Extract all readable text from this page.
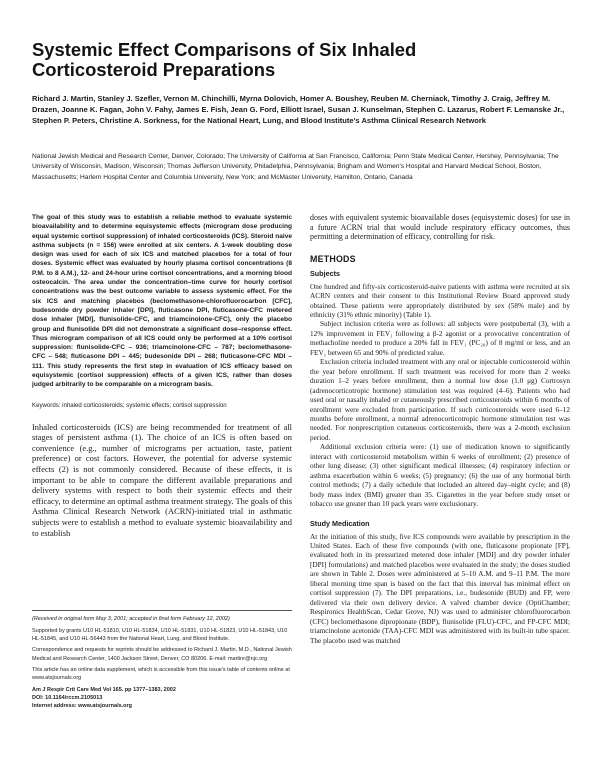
Systemic Effect Comparisons of Six Inhaled
Corticosteroid Preparations
Richard J. Martin, Stanley J. Szefler, Vernon M. Chinchilli, Myrna Dolovich, Homer A. Boushey, Reuben M. Cherniack, Timothy J. Craig, Jeffrey M. Drazen, Joanne K. Fagan, John V. Fahy, James E. Fish, Jean G. Ford, Elliott Israel, Susan J. Kunselman, Stephen C. Lazarus, Robert F. Lemanske Jr., Stephen P. Peters, Christine A. Sorkness, for the National Heart, Lung, and Blood Institute's Asthma Clinical Research Network
National Jewish Medical and Research Center, Denver, Colorado; The University of California at San Francisco, California; Penn State Medical Center, Hershey, Pennsylvania; The University of Wisconsin, Madison, Wisconsin; Thomas Jefferson University, Philadelphia, Pennsylvania; Brigham and Women's Hospital and Harvard Medical School, Boston, Massachusetts; Harlem Hospital Center and Columbia University, New York; and McMaster University, Hamilton, Ontario, Canada
The goal of this study was to establish a reliable method to evaluate systemic bioavailability and to determine equisystemic effects (microgram dose producing equal systemic cortisol suppression) of inhaled corticosteroids (ICS). Steroid naive asthma subjects (n = 156) were enrolled at six centers. A 1-week doubling dose design was used for each of six ICS and matched placebos for a total of four doses. Systemic effect was evaluated by hourly plasma cortisol concentrations (8 P.M. to 8 A.M.), 12- and 24-hour urine cortisol concentrations, and a morning blood osteocalcin. The area under the concentration–time curve for hourly cortisol concentrations was the best outcome variable to assess systemic effect. For the six ICS and matching placebos (beclomethasone-chlorofluorocarbon [CFC], budesonide dry powder inhaler [DPI], fluticasone DPI, fluticasone-CFC metered dose inhaler [MDI], flunisolide-CFC, and triamcinolone-CFC), only the placebo group and flunisolide DPI did not demonstrate a significant dose–response effect. Thus microgram comparison of all ICS could only be performed at a 10% cortisol suppression: flunisolide-CFC – 936; triamcinolone-CFC – 787; beclomethasone-CFC – 548; fluticasone DPI – 445; budesonide DPI – 268; fluticasone-CFC MDI – 111. This study represents the first step in evaluation of ICS efficacy based on equisystemic (cortisol suppression) effects of a given ICS, rather than doses judged arbitrarily to be comparable on a microgram basis.
Keywords: inhaled corticosteroids; systemic effects; cortisol suppression
Inhaled corticosteroids (ICS) are being recommended for treatment of all stages of persistent asthma (1). The choice of an ICS is often based on convenience (e.g., number of micrograms per actuation, taste, patient preference) or cost factors. However, the potential for adverse systemic effects (2) is not commonly considered. Because of these effects, it is important to be able to compare the different available preparations and delivery systems with respect to both their systemic effects and their efficacy, to determine an optimal asthma treatment strategy. The goals of this Asthma Clinical Research Network (ACRN)-initiated trial in asthmatic subjects were to establish a method to evaluate systemic bioavailability and to establish
(Received in original form May 3, 2001; accepted in final form February 12, 2002)
Supported by grants U10 HL-51810, U10 HL-51834, U10 HL-51831, U10 HL-51823, U10 HL-51843, U10 HL-51845, and U10 HL-56443 from the National Heart, Lung, and Blood Institute.
Correspondence and requests for reprints should be addressed to Richard J. Martin, M.D., National Jewish Medical and Research Center, 1400 Jackson Street, Denver, CO 80206. E-mail: martinr@njc.org
This article has an online data supplement, which is accessible from this issue's table of contents online at www.atsjournals.org
Am J Respir Crit Care Med Vol 165. pp 1377–1383, 2002
DOI: 10.1164/rccm.2105013
Internet address: www.atsjournals.org
doses with equivalent systemic bioavailable doses (equisystemic doses) for use in a future ACRN trial that would include respiratory efficacy outcomes, thus permitting a determination of efficacy, controlling for risk.
METHODS
Subjects
One hundred and fifty-six corticosteroid-naive patients with asthma were recruited at six ACRN centers and their consent to this Institutional Review Board approved study obtained. These patients were appropriately distributed by sex (58% male) and by ethnicity (31% ethnic minority) (Table 1).
Subject inclusion criteria were as follows: all subjects were postpubertal (3), with a 12% improvement in FEV₁ following a β-2 agonist or a provocative concentration of methacholine needed to produce a 20% fall in FEV₁ (PC₂₀) of 8 mg/ml or less, and an FEV₁ between 65 and 90% of predicted value.
Exclusion criteria included treatment with any oral or injectable corticosteroid within the year before enrollment. If such treatment was received for more than 2 weeks duration 1–2 years before enrollment, then a normal low dose (1.0 μg) Cortrosyn (adrenocorticotropic hormone) stimulation test was required (4–6). Patients who had used oral or nasally inhaled or cutaneously prescribed corticosteroids within 6 months of enrollment were excluded from participation. If such corticosteroids were used 6–12 months before enrollment, a normal adrenocorticotropic hormone stimulation test was needed. For nonprescription cutaneous corticosteroids, there was a 2-month exclusion period.
Additional exclusion criteria were: (1) use of medication known to significantly interact with corticosteroid metabolism within 6 weeks of enrollment; (2) presence of other lung disease; (3) other significant medical illnesses; (4) respiratory infection or asthma exacerbation within 6 weeks; (5) pregnancy; (6) the use of any hormonal birth control methods; (7) a daily schedule that included an altered day–night cycle; and (8) body mass index (BMI) greater than 35. Cigarettes in the year before study onset or tobacco use greater than 10 pack years were exclusionary.
Study Medication
At the initiation of this study, five ICS compounds were available by prescription in the United States. Each of these five compounds (with one, fluticasone propionate [FP], evaluated both in its pressurized metered dose inhaler [MDI] and dry powder inhaler [DPI] formulations) and matched placebos were evaluated in the study; the doses studied are shown in Table 2. Doses were administered at 5–10 A.M. and 9–11 P.M. The more liberal morning time span is based on the fact that this interval has minimal effect on cortisol suppression (7). The DPI preparations, i.e., budesonide (BUD) and FP, were delivered via their own delivery device. A valved chamber device (OptiChamber; Respironics HealthScan, Cedar Grove, NJ) was used to administer chlorofluorocarbon (CFC) beclomethasone dipropionate (BDP), flunisolide (FLU)-CFC, and FP-CFC MDI; triamcinolone acetonide (TAA)-CFC MDI was administered with its built-in tube spacer. The placebo used was matched
